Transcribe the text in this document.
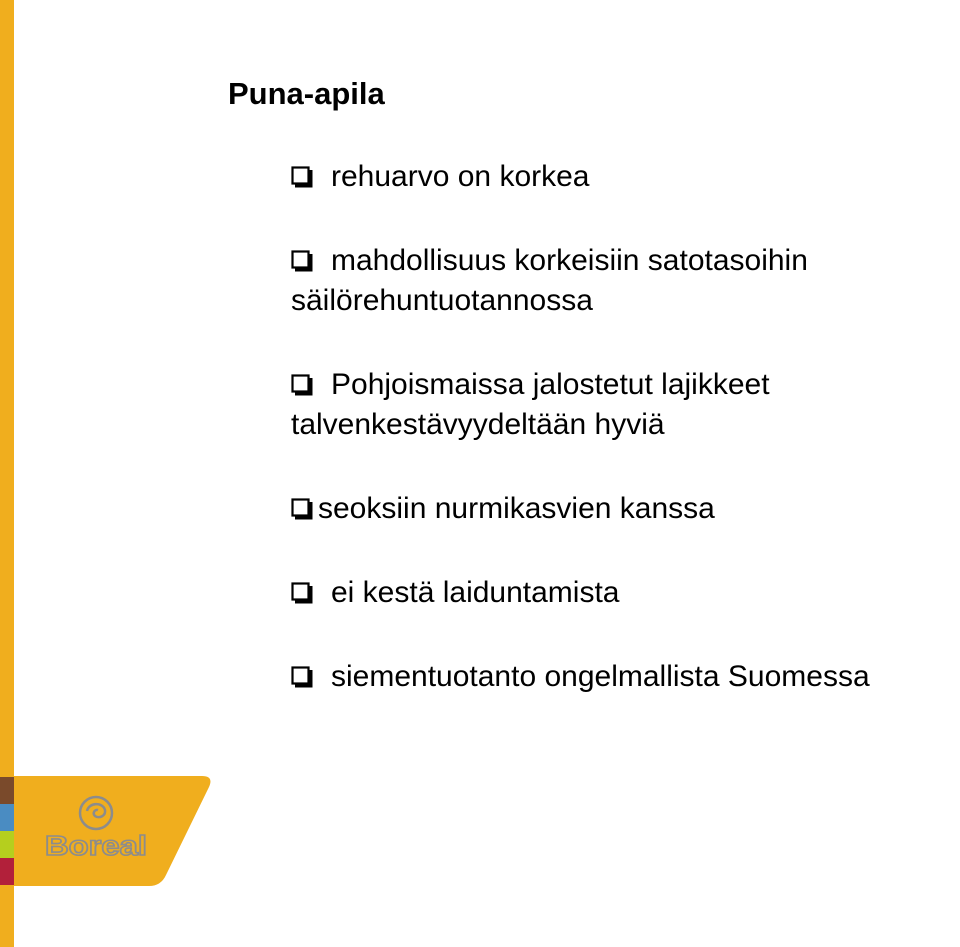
Boreal
Puna-apila
rehuarvo on korkea
mahdollisuus korkeisiin satotasoihin
säilörehuntuotannossa
Pohjoismaissa jalostetut lajikkeet
talvenkestävyydeltään hyviä
seoksiin nurmikasvien kanssa
ei kestä laiduntamista
siementuotanto ongelmallista Suomessa
